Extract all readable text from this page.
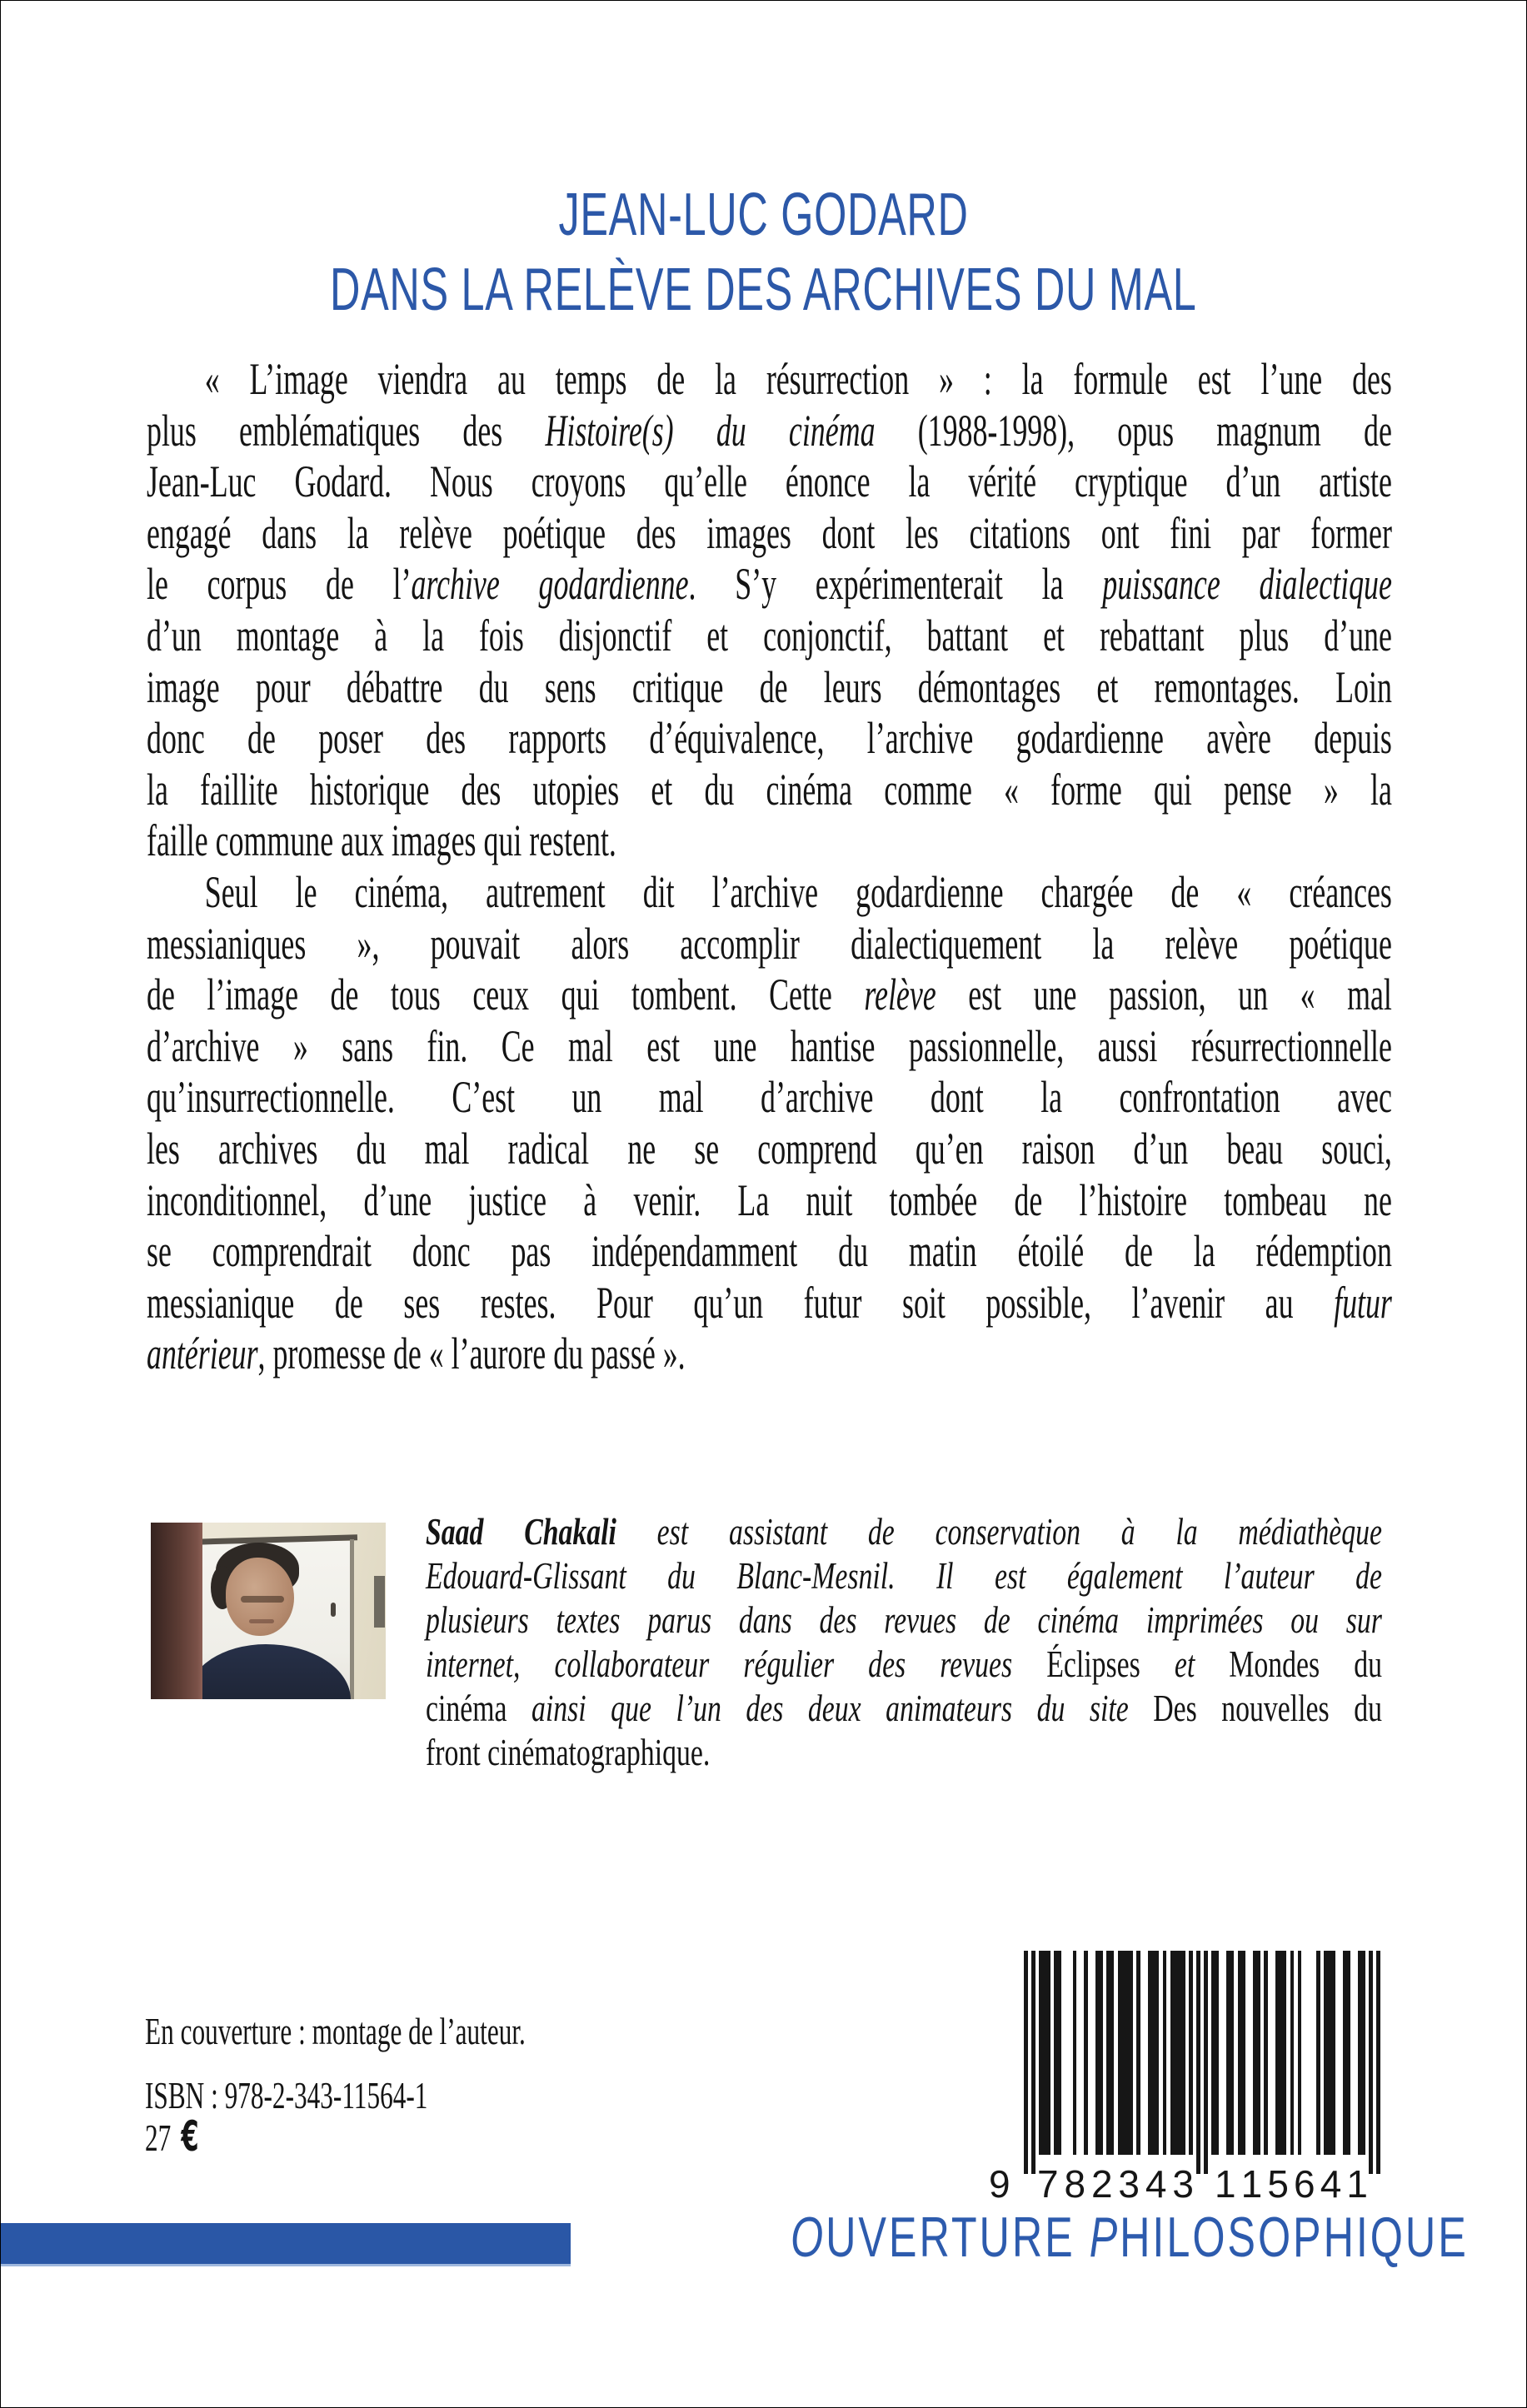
JEAN-LUC GODARD
DANS LA RELÈVE DES ARCHIVES DU MAL
« L’image viendra au temps de la résurrection » : la formule est l’une des
plus emblématiques des Histoire(s) du cinéma (1988-1998), opus magnum de
Jean-Luc Godard. Nous croyons qu’elle énonce la vérité cryptique d’un artiste
engagé dans la relève poétique des images dont les citations ont fini par former
le corpus de l’archive godardienne. S’y expérimenterait la puissance dialectique
d’un montage à la fois disjonctif et conjonctif, battant et rebattant plus d’une
image pour débattre du sens critique de leurs démontages et remontages. Loin
donc de poser des rapports d’équivalence, l’archive godardienne avère depuis
la faillite historique des utopies et du cinéma comme « forme qui pense » la
faille commune aux images qui restent.
Seul le cinéma, autrement dit l’archive godardienne chargée de « créances
messianiques », pouvait alors accomplir dialectiquement la relève poétique
de l’image de tous ceux qui tombent. Cette relève est une passion, un « mal
d’archive » sans fin. Ce mal est une hantise passionnelle, aussi résurrectionnelle
qu’insurrectionnelle. C’est un mal d’archive dont la confrontation avec
les archives du mal radical ne se comprend qu’en raison d’un beau souci,
inconditionnel, d’une justice à venir. La nuit tombée de l’histoire tombeau ne
se comprendrait donc pas indépendamment du matin étoilé de la rédemption
messianique de ses restes. Pour qu’un futur soit possible, l’avenir au futur
antérieur, promesse de « l’aurore du passé ».
Saad Chakali est assistant de conservation à la médiathèque
Edouard-Glissant du Blanc-Mesnil. Il est également l’auteur de
plusieurs textes parus dans des revues de cinéma imprimées ou sur
internet, collaborateur régulier des revues Éclipses et Mondes du
cinéma ainsi que l’un des deux animateurs du site Des nouvelles du
front cinématographique.
En couverture : montage de l’auteur.
ISBN : 978-2-343-11564-1
27 €
9 7 8 2 3 4 3 1 1 5 6 4 1
OUVERTURE PHILOSOPHIQUE
